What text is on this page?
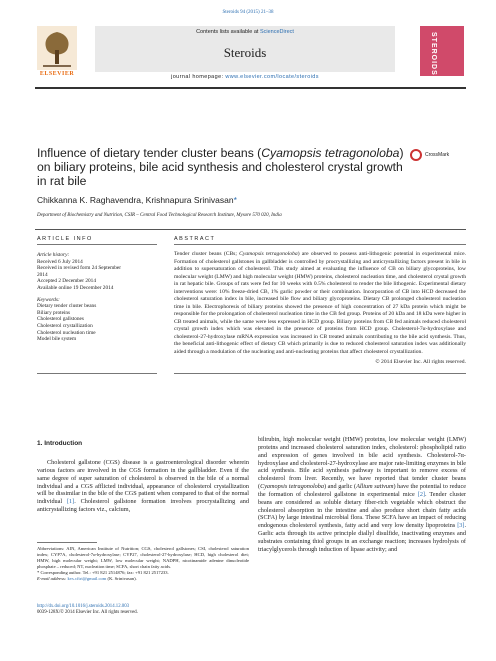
Steroids 94 (2015) 21–38
ELSEVIER
Contents lists available at ScienceDirect
Steroids	STEROIDS
journal homepage: www.elsevier.com/locate/steroids
Influence of dietary tender cluster beans (Cyamopsis tetragonoloba) on biliary proteins, bile acid synthesis and cholesterol crystal growth in rat bile
CrossMark
Chikkanna K. Raghavendra, Krishnapura Srinivasan*
Department of Biochemistry and Nutrition, CSIR – Central Food Technological Research Institute, Mysore 570 020, India
ARTICLE INFO
Article history:
Received 6 July 2014
Received in revised form 24 September
2014
Accepted 2 December 2014
Available online 19 December 2014
Keywords:
Dietary tender cluster beans
Biliary proteins
Cholesterol gallstones
Cholesterol crystallization
Cholesterol nucleation time
Model bile system
ABSTRACT
Tender cluster beans (CBs; Cyamopsis tetragonoloba) are observed to possess anti-lithogenic potential in experimental mice. Formation of cholesterol gallstones in gallbladder is controlled by procrystallizing and anticrystallizing factors present in bile in addition to supersaturation of cholesterol. This study aimed at evaluating the influence of CB on biliary glycoproteins, low molecular weight (LMW) and high molecular weight (HMW) proteins, cholesterol nucleation time, and cholesterol crystal growth in rat hepatic bile. Groups of rats were fed for 10 weeks with 0.5% cholesterol to render the bile lithogenic. Experimental dietary interventions were: 10% freeze-dried CB, 1% garlic powder or their combination. Incorporation of CB into HCD decreased the cholesterol saturation index in bile, increased bile flow and biliary glycoproteins. Dietary CB prolonged cholesterol nucleation time in bile. Electrophoresis of biliary proteins showed the presence of high concentration of 27 kDa protein which might be responsible for the prolongation of cholesterol nucleation time in the CB fed group. Proteins of 20 kDa and 18 kDa were higher in CB treated animals, while the same were less expressed in HCD group. Biliary proteins from CB fed animals reduced cholesterol crystal growth index which was elevated in the presence of proteins from HCD group. Cholesterol-7α-hydroxylase and cholesterol-27-hydroxylase mRNA expression was increased in CB treated animals contributing to the bile acid synthesis. Thus, the beneficial anti-lithogenic effect of dietary CB which primarily is due to reduced cholesterol saturation index was additionally aided through a modulation of the nucleating and anti-nucleating proteins that affect cholesterol crystallization.
© 2014 Elsevier Inc. All rights reserved.
1. Introduction
Cholesterol gallstone (CGS) disease is a gastroenterological disorder wherein various factors are involved in the CGS formation in the gallbladder. Even if the same degree of super saturation of cholesterol is observed in the bile of a normal individual and a CGS afflicted individual, appearance of cholesterol crystallization will be dissimilar in the bile of the CGS patient when compared to that of the normal individual [1]. Cholesterol gallstone formation involves procrystallizing and anticrystallizing factors viz., calcium,
bilirubin, high molecular weight (HMW) proteins, low molecular weight (LMW) proteins and increased cholesterol saturation index, cholesterol: phospholipid ratio and expression of genes involved in bile acid synthesis. Cholesterol-7α-hydroxylase and cholesterol-27-hydroxylase are major rate-limiting enzymes in bile acid synthesis. Bile acid synthesis pathway is important to remove excess of cholesterol from liver. Recently, we have reported that tender cluster beans (Cyamopsis tetragonoloba) and garlic (Allium sativum) have the potential to reduce the formation of cholesterol gallstone in experimental mice [2]. Tender cluster beans are considered as soluble dietary fiber-rich vegetable which obstruct the cholesterol absorption in the intestine and also produce short chain fatty acids (SCFA) by large intestinal microbial flora. These SCFA have an impact of reducing endogenous cholesterol synthesis, fatty acid and very low density lipoproteins [3]. Garlic acts through its active principle diallyl disulfide, inactivating enzymes and substrates containing thiol groups in an exchange reaction; increases hydrolysis of triacylglycerols through induction of lipase activity; and
Abbreviations: AIN, American Institute of Nutrition; CGS, cholesterol gallstones; CSI, cholesterol saturation index; CYP7A, cholesterol-7α-hydroxylase; CYP27, cholesterol-27-hydroxylase; HCD, high cholesterol diet; HMW, high molecular weight; LMW, low molecular weight; NADPH, nicotinamide adenine dinucleotide phosphate – reduced; NT, nucleation time; SCFA, short chain fatty acids.
* Corresponding author. Tel.: +91 821 2514876; fax: +91 821 2517233.
E-mail address: kvs.cftri@gmail.com (K. Srinivasan).
http://dx.doi.org/10.1016/j.steroids.2014.12.003
0039-128X/© 2014 Elsevier Inc. All rights reserved.
